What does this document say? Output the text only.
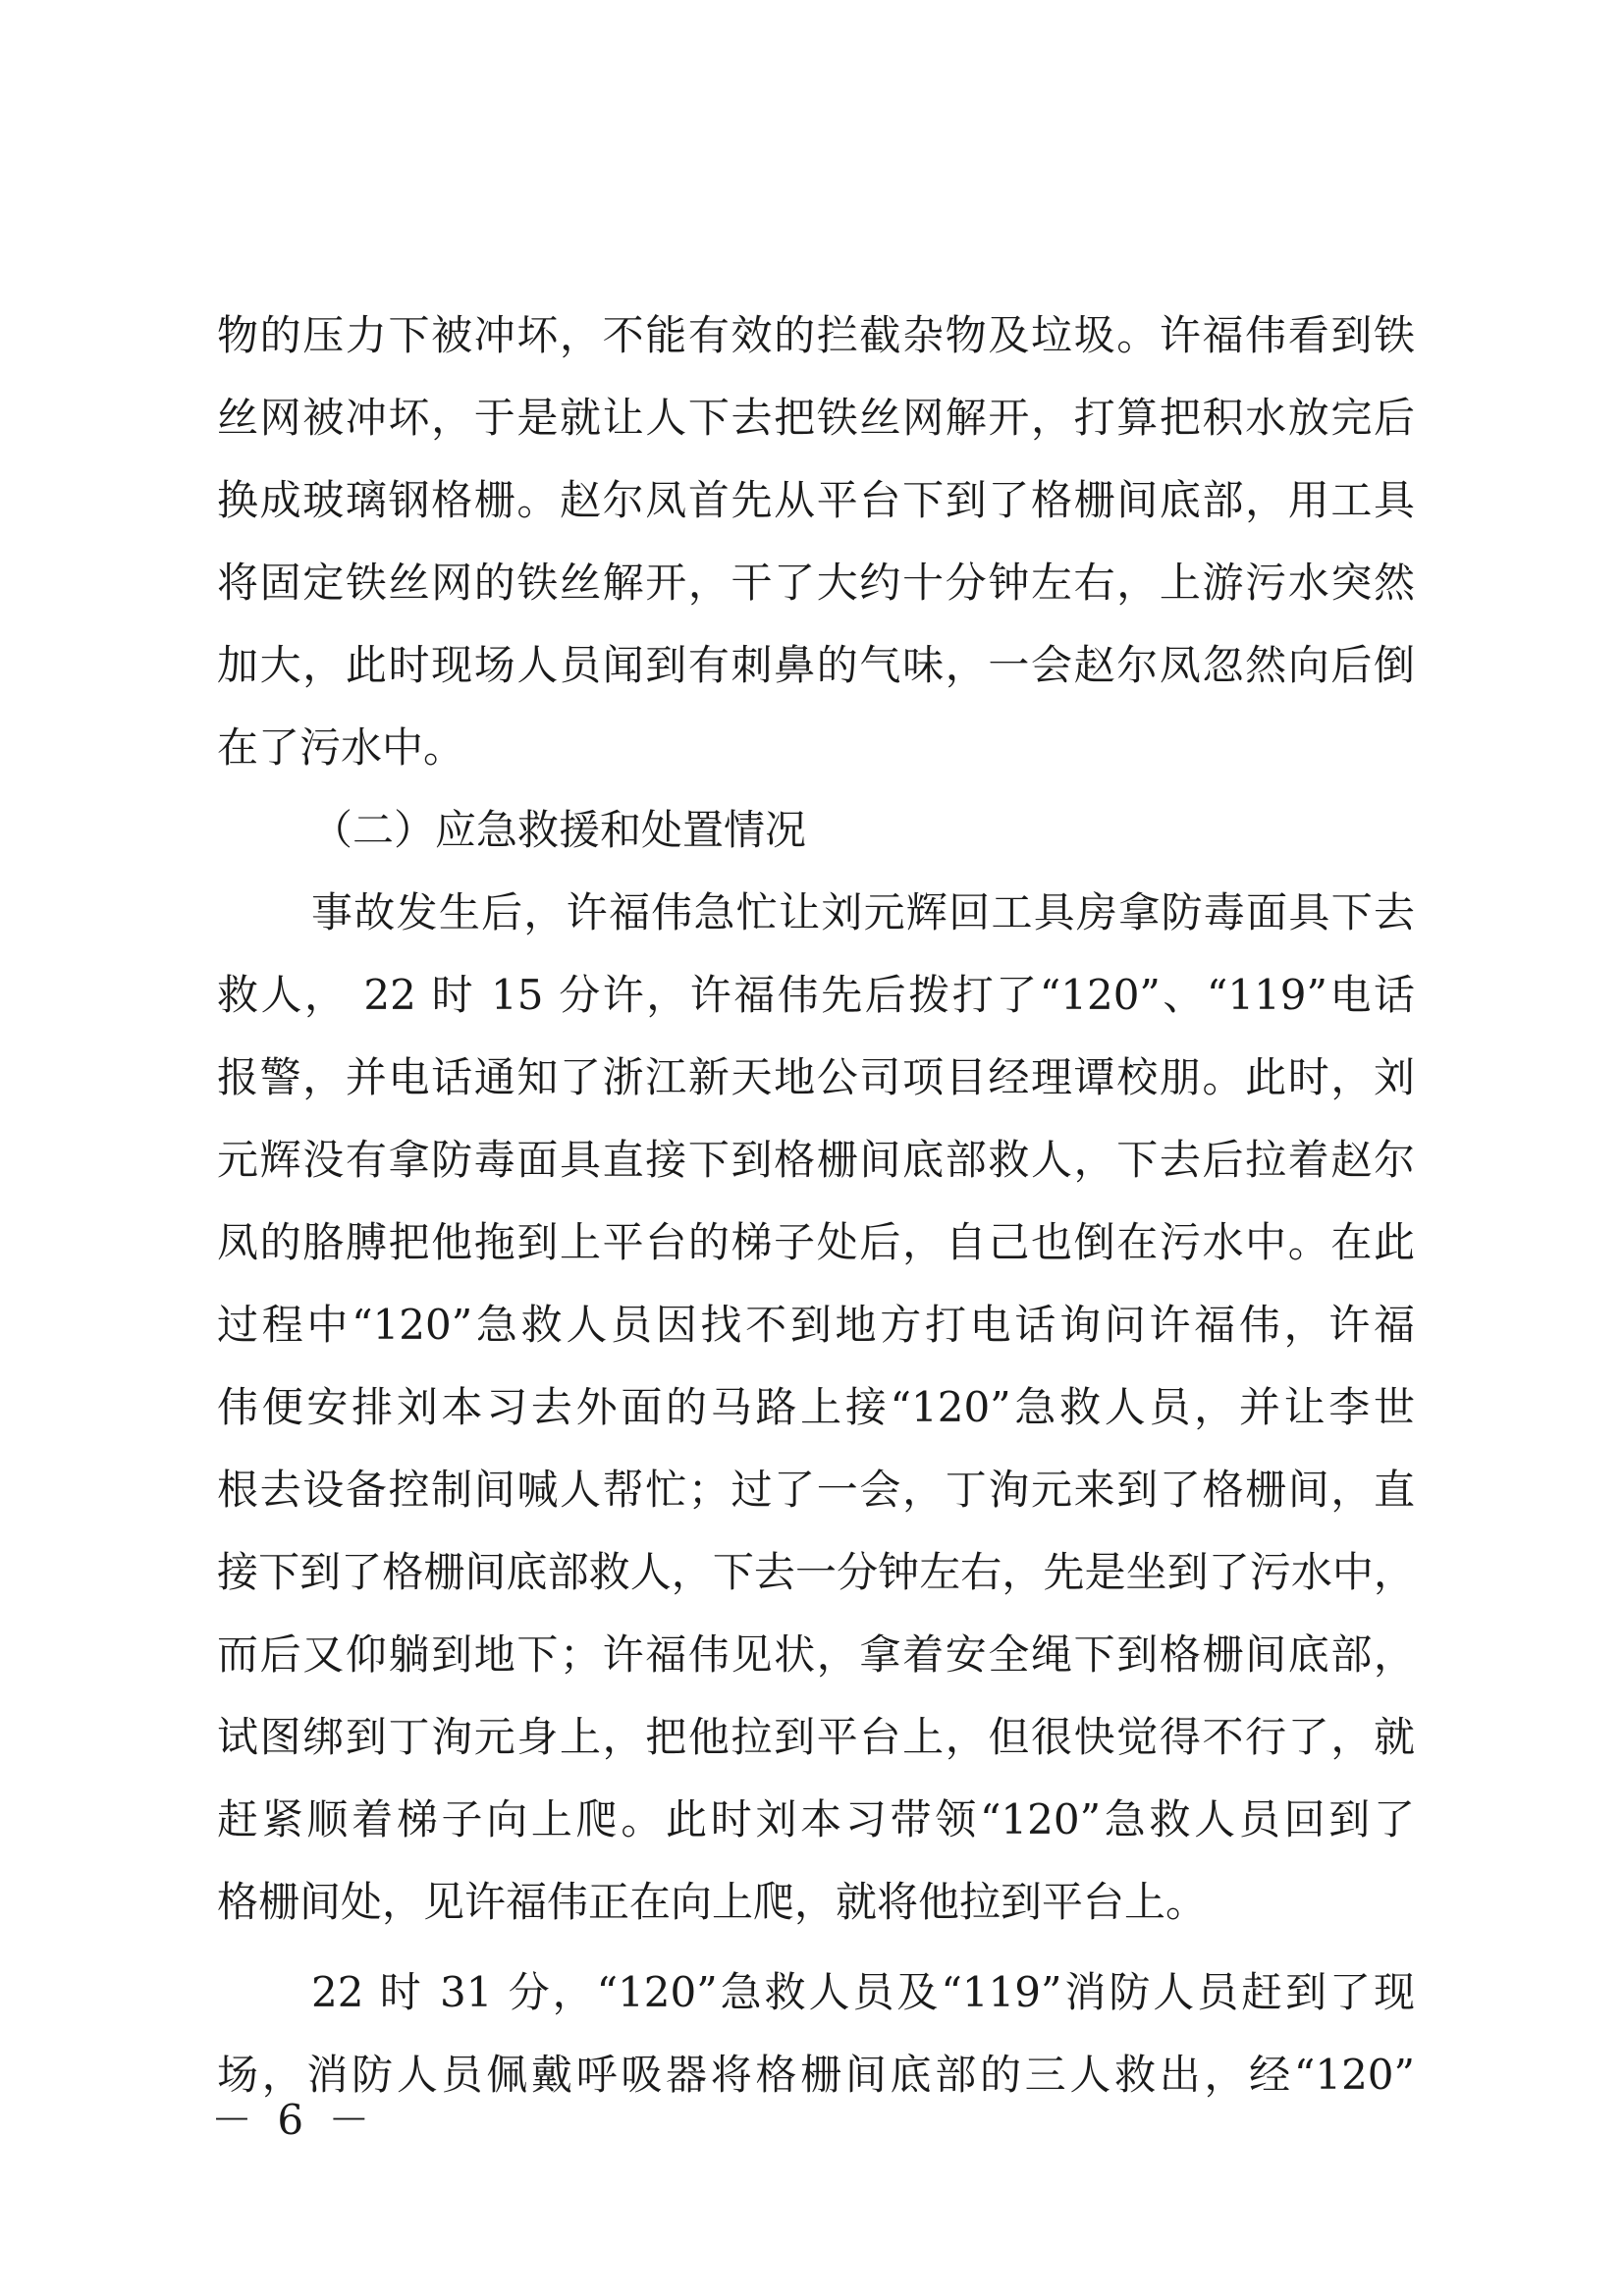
物的压力下被冲坏，不能有效的拦截杂物及垃圾。许福伟看到铁
丝网被冲坏，于是就让人下去把铁丝网解开，打算把积水放完后
换成玻璃钢格栅。赵尔凤首先从平台下到了格栅间底部，用工具
将固定铁丝网的铁丝解开，干了大约十分钟左右，上游污水突然
加大，此时现场人员闻到有刺鼻的气味，一会赵尔凤忽然向后倒
在了污水中。
（二）应急救援和处置情况
事故发生后，许福伟急忙让刘元辉回工具房拿防毒面具下去
救人， 22 时 15 分许，许福伟先后拨打了“120”、“119”电话
报警，并电话通知了浙江新天地公司项目经理谭校朋。此时，刘
元辉没有拿防毒面具直接下到格栅间底部救人，下去后拉着赵尔
凤的胳膊把他拖到上平台的梯子处后，自己也倒在污水中。在此
过程中“120”急救人员因找不到地方打电话询问许福伟，许福
伟便安排刘本习去外面的马路上接“120”急救人员，并让李世
根去设备控制间喊人帮忙；过了一会，丁洵元来到了格栅间，直
接下到了格栅间底部救人，下去一分钟左右，先是坐到了污水中，
而后又仰躺到地下；许福伟见状，拿着安全绳下到格栅间底部，
试图绑到丁洵元身上，把他拉到平台上，但很快觉得不行了，就
赶紧顺着梯子向上爬。此时刘本习带领“120”急救人员回到了
格栅间处，见许福伟正在向上爬，就将他拉到平台上。
22 时 31 分，“120”急救人员及“119”消防人员赶到了现
场，消防人员佩戴呼吸器将格栅间底部的三人救出，经“120”
－ 6 －
